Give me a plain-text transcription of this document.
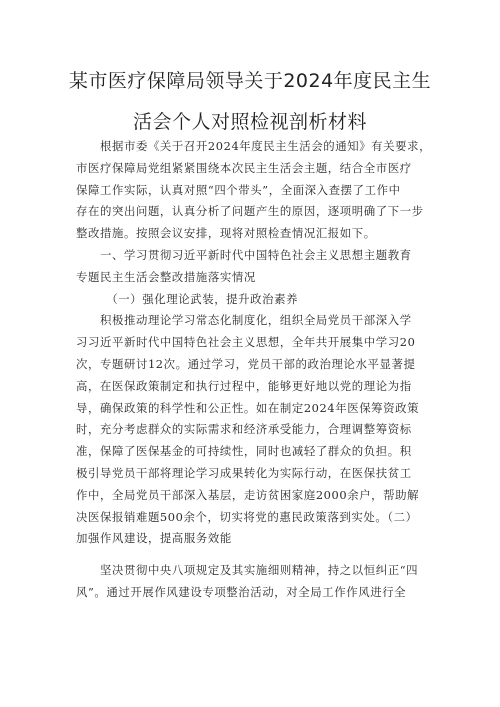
某市医疗保障局领导关于2024年度民主生
活会个人对照检视剖析材料

　　根据市委《关于召开2024年度民主生活会的通知》有关要求，

市医疗保障局党组紧紧围绕本次民主生活会主题，结合全市医疗

保障工作实际，认真对照“四个带头”，全面深入查摆了工作中

存在的突出问题，认真分析了问题产生的原因，逐项明确了下一步

整改措施。按照会议安排，现将对照检查情况汇报如下。

　　一、学习贯彻习近平新时代中国特色社会主义思想主题教育

专题民主生活会整改措施落实情况

　　　（一）强化理论武装，提升政治素养

　　积极推动理论学习常态化制度化，组织全局党员干部深入学

习习近平新时代中国特色社会主义思想，全年共开展集中学习20

次，专题研讨12次。通过学习，党员干部的政治理论水平显著提

高，在医保政策制定和执行过程中，能够更好地以党的理论为指

导，确保政策的科学性和公正性。如在制定2024年医保筹资政策

时，充分考虑群众的实际需求和经济承受能力，合理调整筹资标

准，保障了医保基金的可持续性，同时也减轻了群众的负担。积

极引导党员干部将理论学习成果转化为实际行动，在医保扶贫工

作中，全局党员干部深入基层，走访贫困家庭2000余户，帮助解

决医保报销难题500余个，切实将党的惠民政策落到实处。（二）

加强作风建设，提高服务效能

　　坚决贯彻中央八项规定及其实施细则精神，持之以恒纠正“四

风”。通过开展作风建设专项整治活动，对全局工作作风进行全
